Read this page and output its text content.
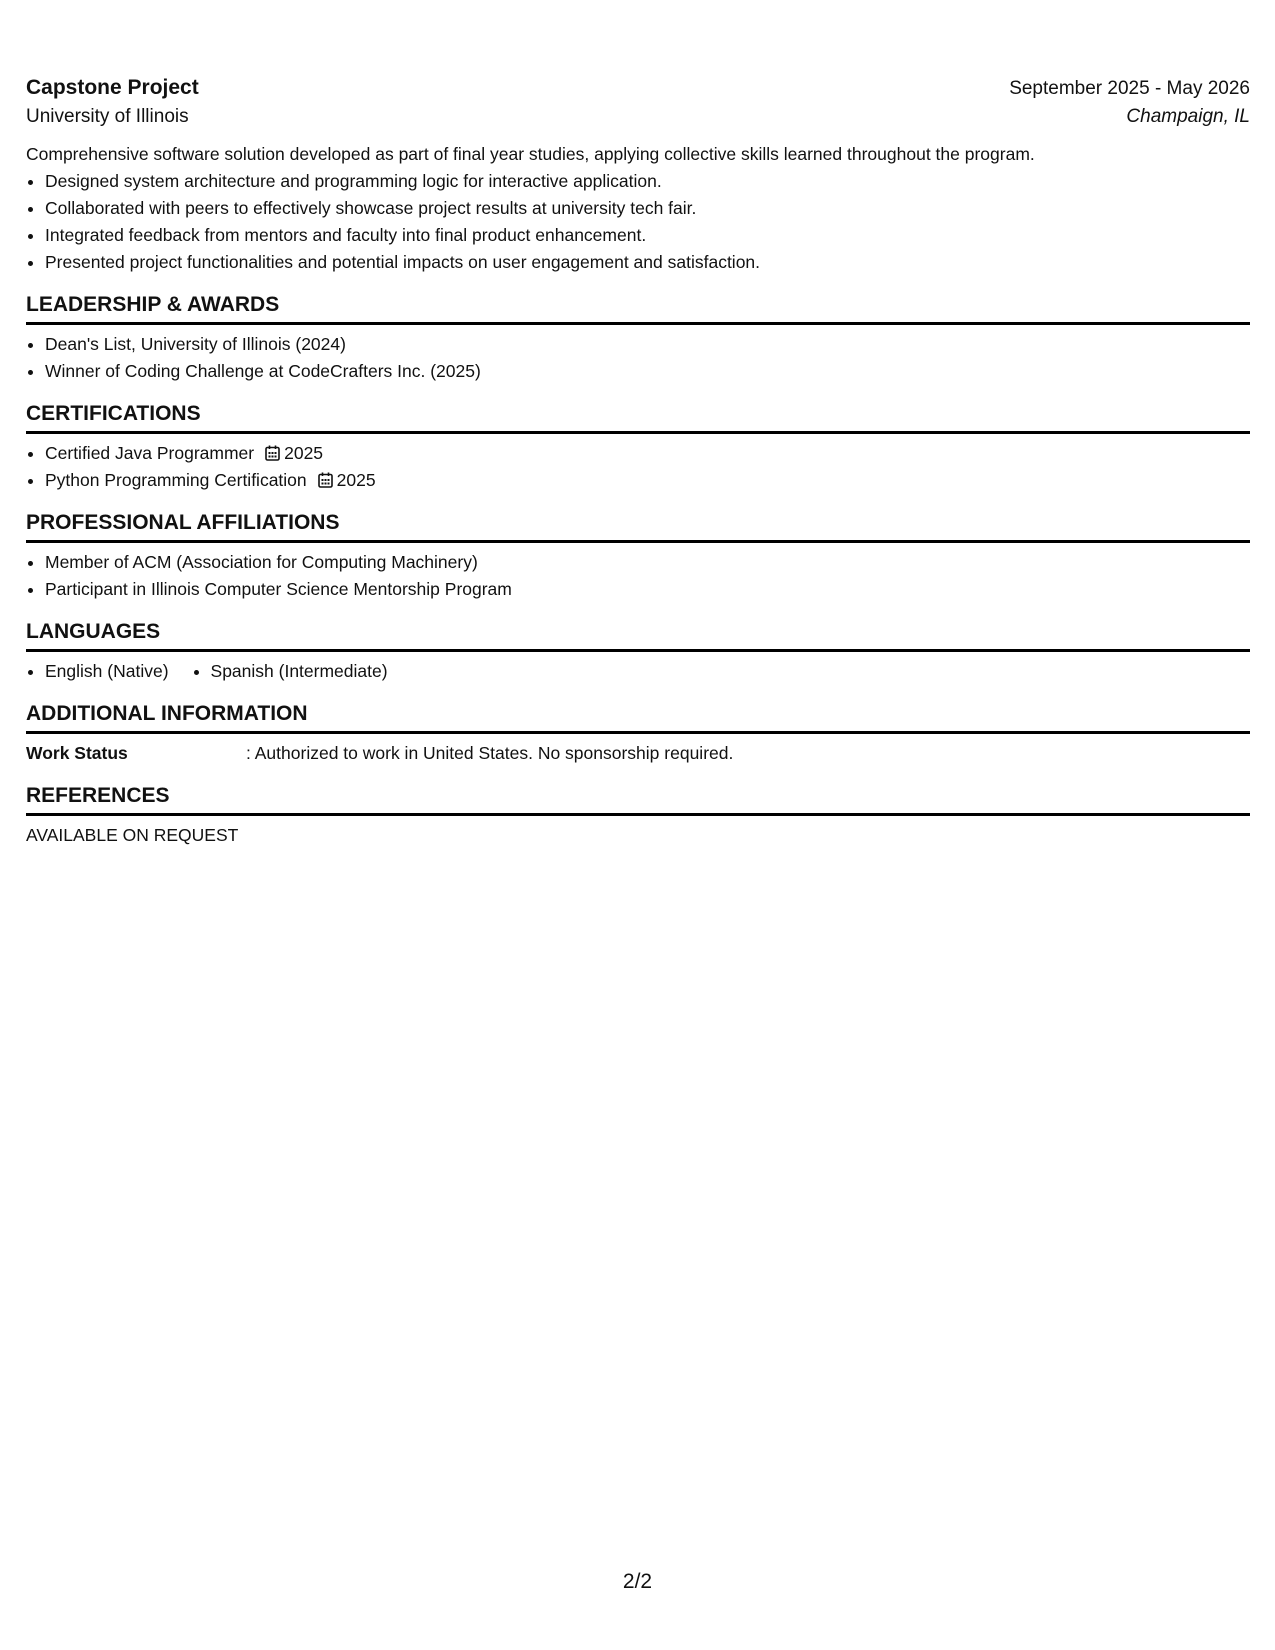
Capstone Project	September 2025 - May 2026
University of Illinois	Champaign, IL
Comprehensive software solution developed as part of final year studies, applying collective skills learned throughout the program.
• Designed system architecture and programming logic for interactive application.
• Collaborated with peers to effectively showcase project results at university tech fair.
• Integrated feedback from mentors and faculty into final product enhancement.
• Presented project functionalities and potential impacts on user engagement and satisfaction.
LEADERSHIP & AWARDS
• Dean's List, University of Illinois (2024)
• Winner of Coding Challenge at CodeCrafters Inc. (2025)
CERTIFICATIONS
• Certified Java Programmer 2025
• Python Programming Certification 2025
PROFESSIONAL AFFILIATIONS
• Member of ACM (Association for Computing Machinery)
• Participant in Illinois Computer Science Mentorship Program
LANGUAGES
• English (Native)
• Spanish (Intermediate)
ADDITIONAL INFORMATION
Work Status	: Authorized to work in United States. No sponsorship required.
REFERENCES
AVAILABLE ON REQUEST
2/2
